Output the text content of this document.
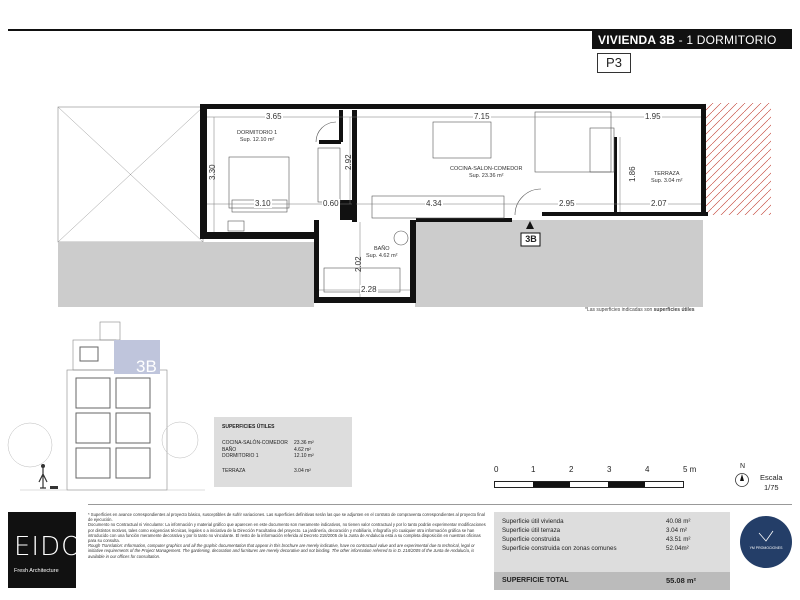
VIVIENDA 3B - 1 DORMITORIO
P3
DORMITORIO 1
Sup. 12.10 m²
COCINA-SALON-COMEDOR
Sup. 23.36 m²
BAÑO
Sup. 4.62 m²
TERRAZA
Sup. 3.04 m²
3.65	7.15	1.95
3.10	0.60	4.34	2.95	2.07
2.28
3.30
2.92
1.86
2.02
3B
*Las superficies indicadas son superficies útiles
3B
SUPERFICIES ÚTILES
COCINA-SALÓN-COMEDOR	23.36 m²
BAÑO	4.62 m²
DORMITORIO 1	12.10 m²
TERRAZA	3.04 m²	0	1	2	3	4	5 m	N
Escala
1/75
EIDO
Fresh Architecture

* Superficies en avance correspondientes al proyecto básico, susceptibles de sufrir variaciones. Las superficies definitivas serán las que se adjunten en el contrato de compraventa correspondientes al proyecto final de ejecución.

Documento no Contractual ni Vinculante: La información y material gráfico que aparecen en este documento son meramente indicativos, no tienen valor contractual y por lo tanto podrán experimentar modificaciones por distintos motivos, tales como exigencias técnicas, legales o a iniciativa de la Dirección Facultativa del proyecto. La jardinería, decoración y mobiliario, infografía y/o cualquier otra información gráfica se han introducido con una función meramente decorativa y por lo tanto no vinculante. El resto de la información referida al Decreto 218/2005 de la Junta de Andalucía está a su completa disposición en nuestras oficinas para su consulta.

Rough Translation: Information, computer graphics and all the graphic documentation that appear in this brochure are merely indicative, have no contractual value and are experimental due to technical, legal or initiative requirements of the Project Management. The gardening, decoration and furnitures are merely decorative and not binding. The other information referred to in D. 218/2005 of the Junta de Andalucía, is available in our offices for consultation.

Superficie útil vivienda	40.08 m²
Superficie útil terraza	3.04 m²
Superficie construida	43.51 m²
Superficie construida con zonas comunes	52.04m²
SUPERFICIE TOTAL	55.08 m²
YM PROMOCIONES
